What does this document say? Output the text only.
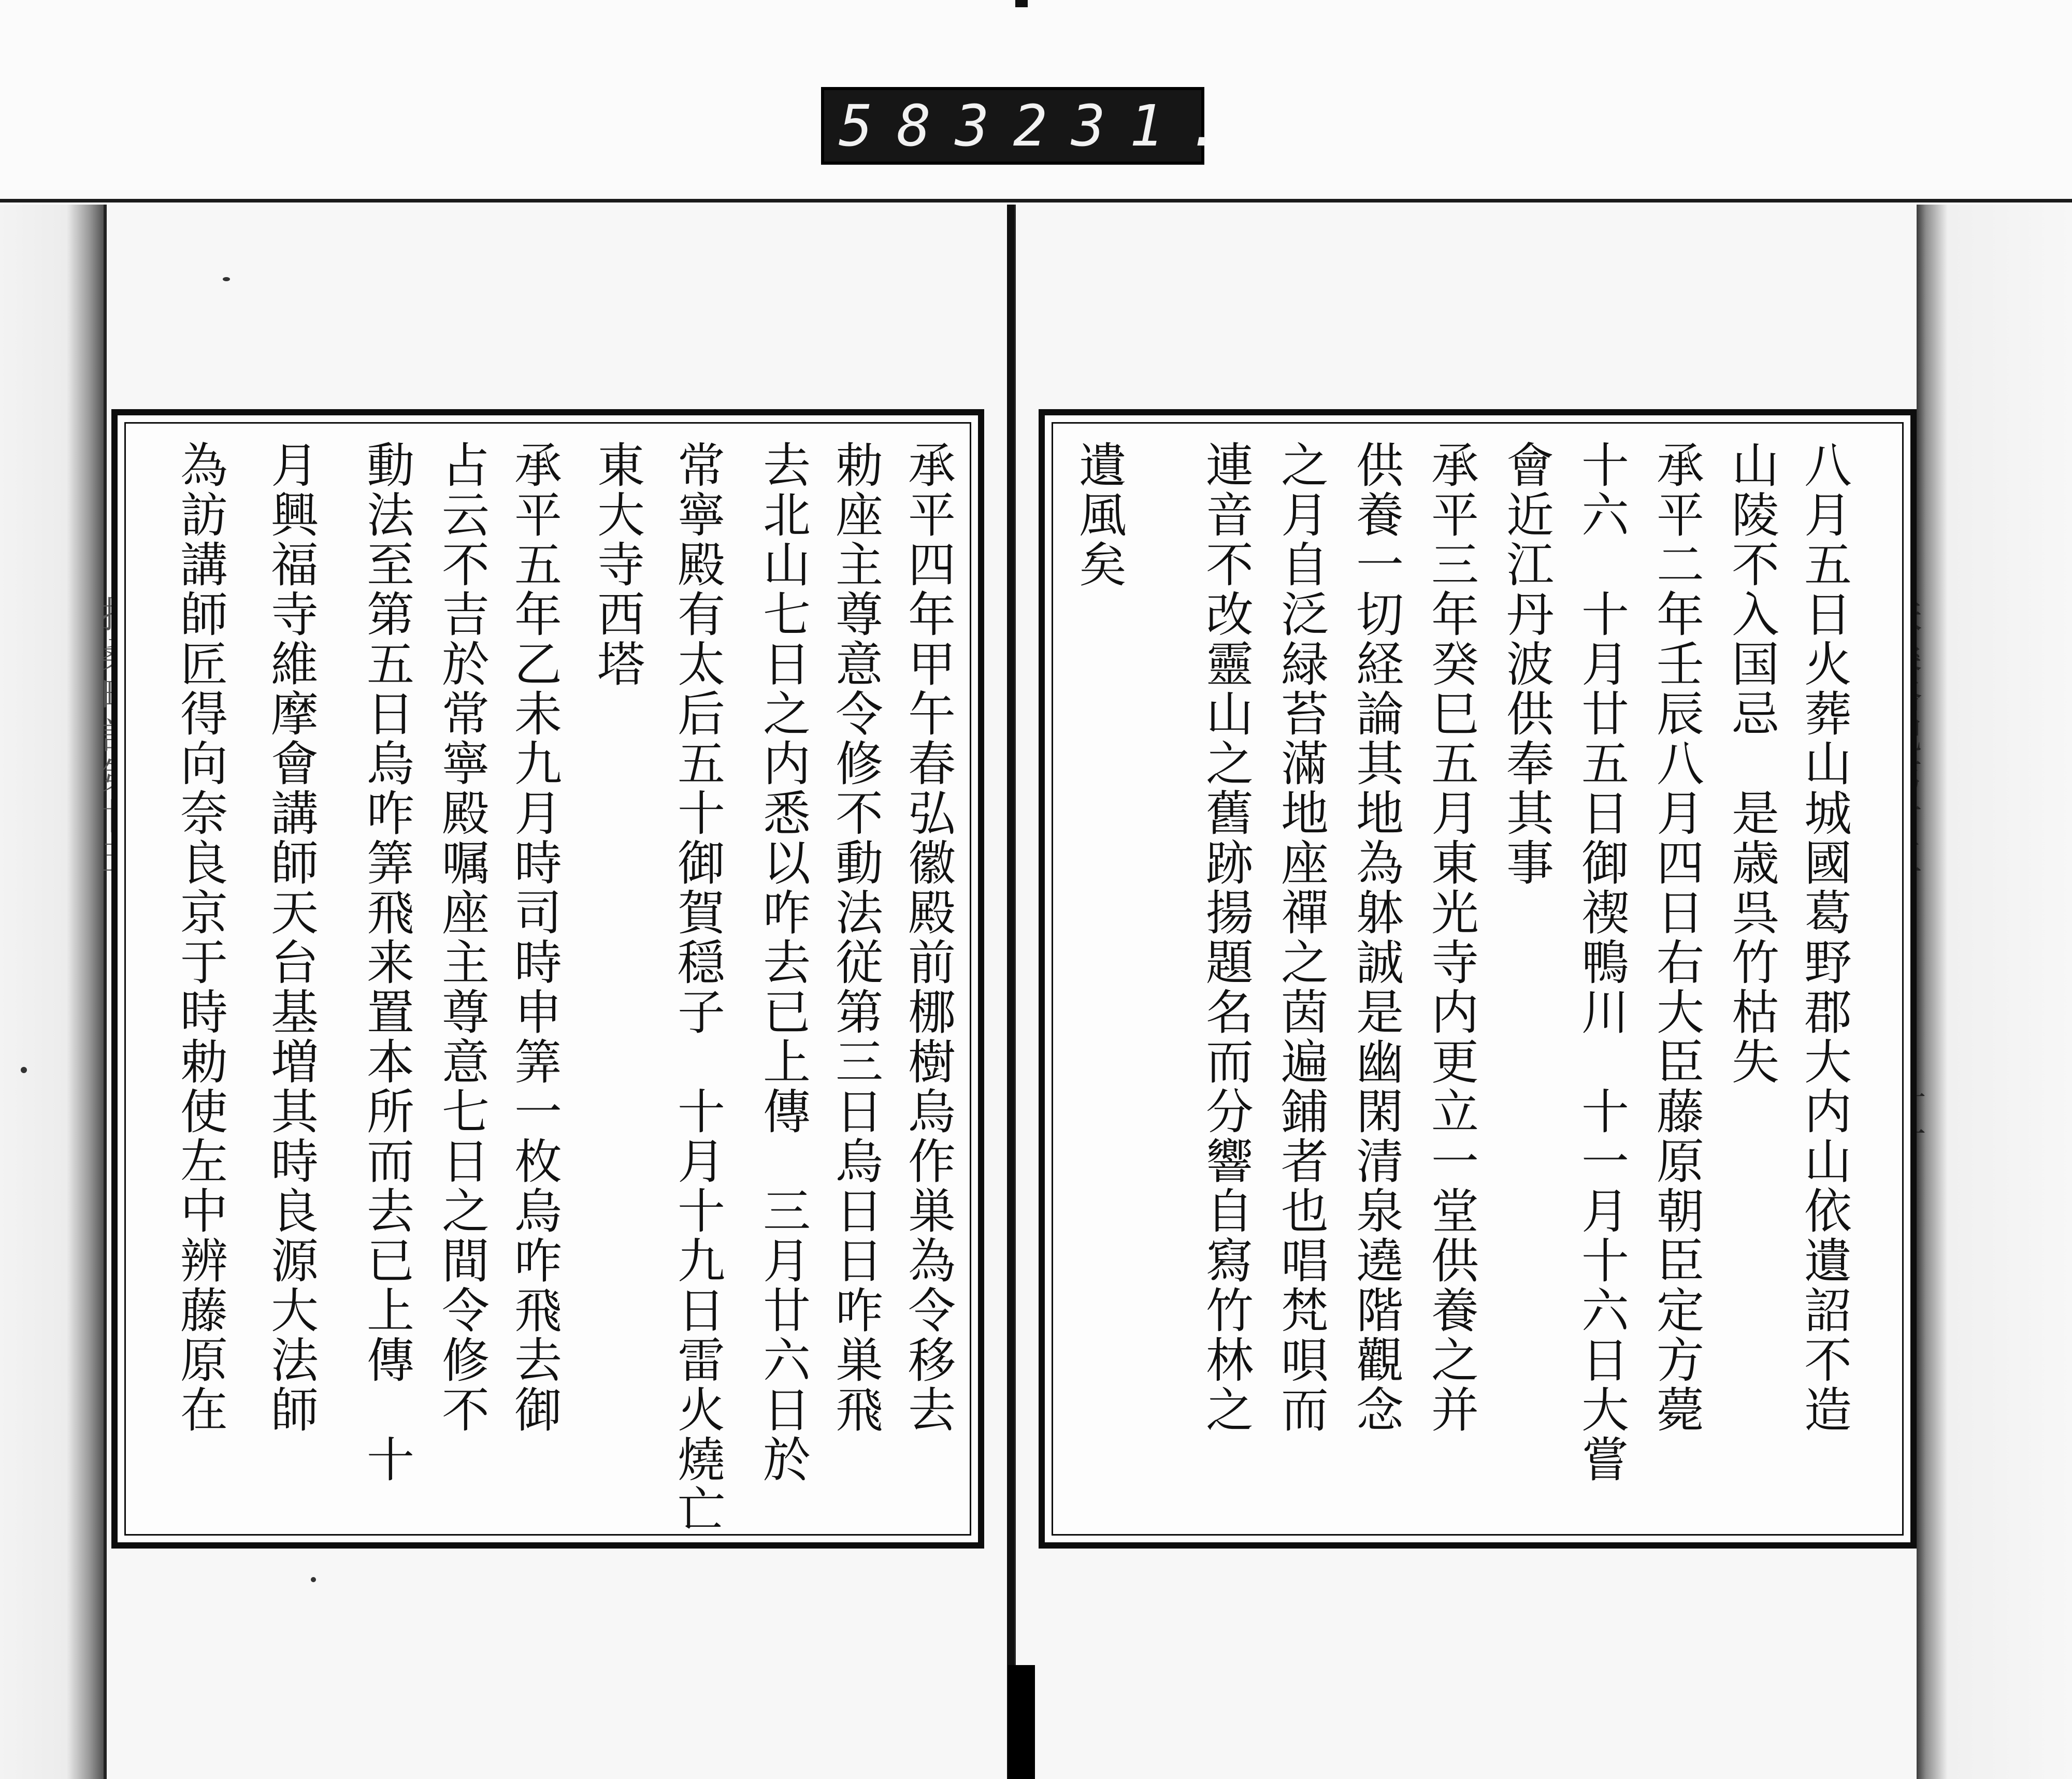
583 231.
八月五日火葬山城國葛野郡大内山依遺詔不造
山陵不入国忌　是歳呉竹枯失
承平二年壬辰八月四日右大臣藤原朝臣定方薨
十六　十月廿五日御禊鴨川　十一月十六日大嘗
會近江丹波供奉其事
承平三年癸巳五月東光寺内更立一堂供養之并
供養一切経論其地為躰誠是幽閑清泉遶階觀念
之月自泛緑苔滿地座禪之茵遍鋪者也唱梵唄而
連音不改靈山之舊跡揚題名而分響自寫竹林之
遺風矣
承平四年甲午春弘徽殿前梛樹烏作巣為令移去
勅座主尊意令修不動法従第三日烏日日咋巣飛
去北山七日之内悉以咋去已上傳　三月廿六日於
常寧殿有太后五十御賀穏子　十月十九日雷火燒亡
東大寺西塔
承平五年乙未九月時司時申筭一枚烏咋飛去御
占云不吉於常寧殿嘱座主尊意七日之間令修不
動法至第五日烏咋筭飛来置本所而去已上傳　十
月興福寺維摩會講師天台基増其時良源大法師
為訪講師匠得向奈良京于時勅使左中辨藤原在
